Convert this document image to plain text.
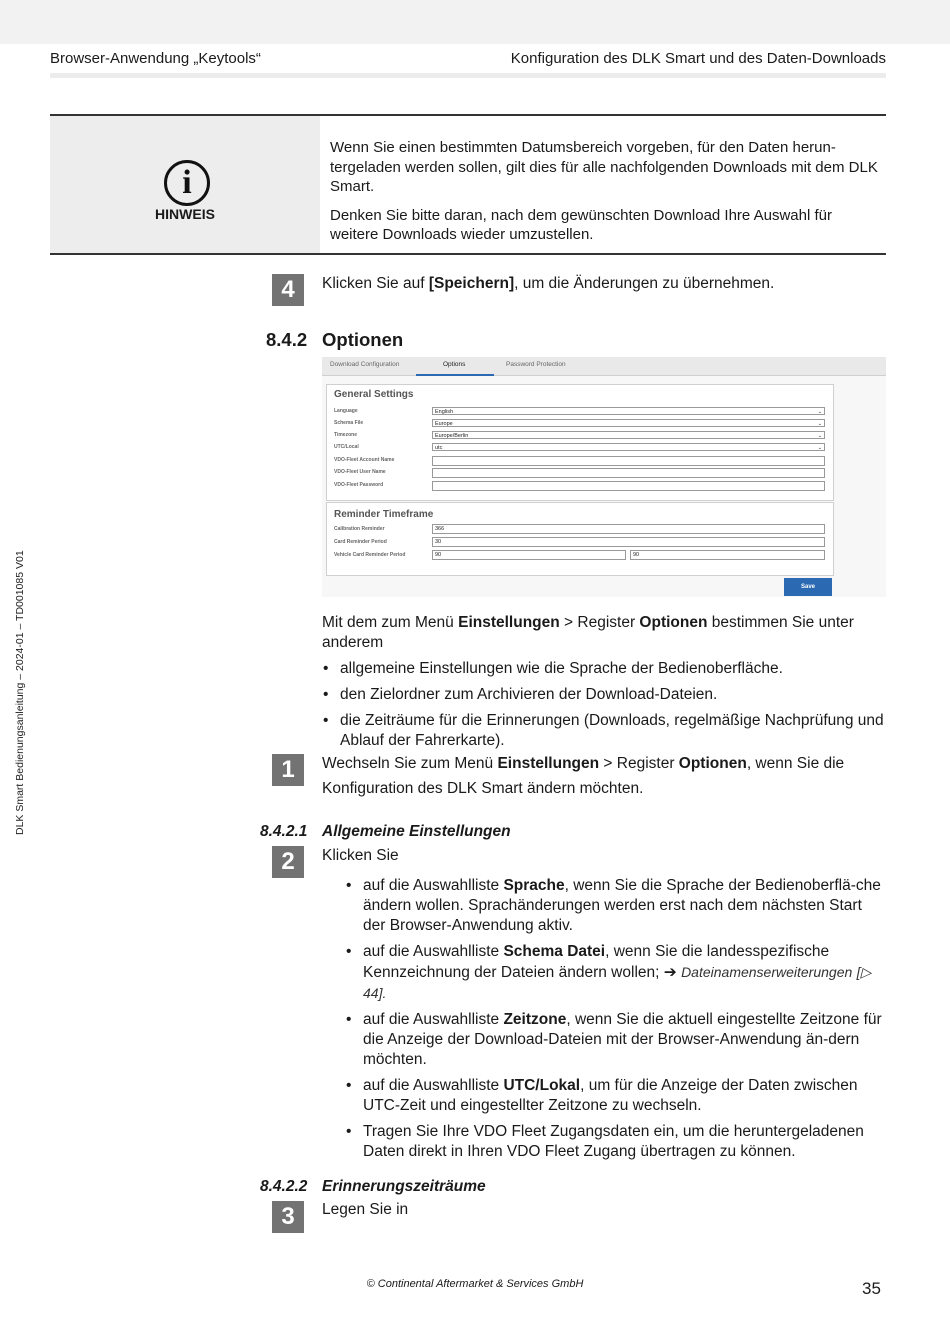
Browser-Anwendung „Keytools“	Konfiguration des DLK Smart und des Daten-Downloads
DLK Smart Bedienungsanleitung – 2024-01 – TD001085 V01
i
HINWEIS

Wenn Sie einen bestimmten Datumsbereich vorgeben, für den Daten herun-tergeladen werden sollen, gilt dies für alle nachfolgenden Downloads mit dem DLK Smart.

Denken Sie bitte daran, nach dem gewünschten Download Ihre Auswahl für weitere Downloads wieder umzustellen.

4	Klicken Sie auf [Speichern], um die Änderungen zu übernehmen.
8.4.2 Optionen
Download Configuration	Options	Password Protection
General Settings
Language	English	⌄
Schema File	Europe	⌄
Timezone	Europe/Berlin	⌄
UTC/Local	utc	⌄
VDO-Fleet Account Name
VDO-Fleet User Name
VDO-Fleet Password
Reminder Timeframe
Calibration Reminder	366
Card Reminder Period	30
Vehicle Card Reminder Period	90	90
Save
Mit dem zum Menü Einstellungen > Register Optionen bestimmen Sie unter anderem
• allgemeine Einstellungen wie die Sprache der Bedienoberfläche.
• den Zielordner zum Archivieren der Download-Dateien.
• die Zeiträume für die Erinnerungen (Downloads, regelmäßige Nachprüfung und Ablauf der Fahrerkarte).
1	Wechseln Sie zum Menü Einstellungen > Register Optionen, wenn Sie die
Konfiguration des DLK Smart ändern möchten.
8.4.2.1 Allgemeine Einstellungen
2	Klicken Sie
• auf die Auswahlliste Sprache, wenn Sie die Sprache der Bedienoberflä-che ändern wollen. Sprachänderungen werden erst nach dem nächsten Start der Browser-Anwendung aktiv.
• auf die Auswahlliste Schema Datei, wenn Sie die landesspezifische Kennzeichnung der Dateien ändern wollen; ➔ Dateinamenserweiterungen [▷ 44].
• auf die Auswahlliste Zeitzone, wenn Sie die aktuell eingestellte Zeitzone für die Anzeige der Download-Dateien mit der Browser-Anwendung än-dern möchten.
• auf die Auswahlliste UTC/Lokal, um für die Anzeige der Daten zwischen UTC-Zeit und eingestellter Zeitzone zu wechseln.
• Tragen Sie Ihre VDO Fleet Zugangsdaten ein, um die heruntergeladenen Daten direkt in Ihren VDO Fleet Zugang übertragen zu können.
8.4.2.2 Erinnerungszeiträume
3	Legen Sie in
© Continental Aftermarket & Services GmbH	35
